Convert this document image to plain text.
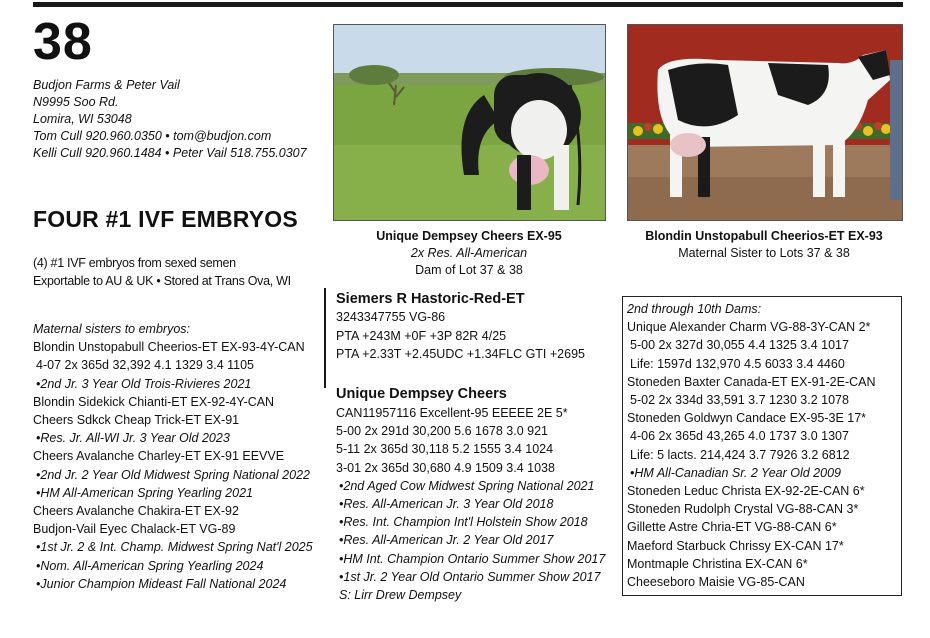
38
Budjon Farms & Peter Vail
N9995 Soo Rd.
Lomira, WI 53048
Tom Cull 920.960.0350 • tom@budjon.com
Kelli Cull 920.960.1484 • Peter Vail 518.755.0307
FOUR #1 IVF EMBRYOS
(4) #1 IVF embryos from sexed semen
Exportable to AU & UK • Stored at Trans Ova, WI
Maternal sisters to embryos:
Blondin Unstopabull Cheerios-ET EX-93-4Y-CAN
4-07 2x 365d 32,392 4.1 1329 3.4 1105
•2nd Jr. 3 Year Old Trois-Rivieres 2021
Blondin Sidekick Chianti-ET EX-92-4Y-CAN
Cheers Sdkck Cheap Trick-ET EX-91
•Res. Jr. All-WI Jr. 3 Year Old 2023
Cheers Avalanche Charley-ET EX-91 EEVVE
•2nd Jr. 2 Year Old Midwest Spring National 2022
•HM All-American Spring Yearling 2021
Cheers Avalanche Chakira-ET EX-92
Budjon-Vail Eyec Chalack-ET VG-89
•1st Jr. 2 & Int. Champ. Midwest Spring Nat'l 2025
•Nom. All-American Spring Yearling 2024
•Junior Champion Mideast Fall National 2024
Unique Dempsey Cheers EX-95
2x Res. All-American
Dam of Lot 37 & 38
Blondin Unstopabull Cheerios-ET EX-93
Maternal Sister to Lots 37 & 38
Siemers R Hastoric-Red-ET
3243347755 VG-86
PTA +243M +0F +3P 82R 4/25
PTA +2.33T +2.45UDC +1.34FLC GTI +2695
Unique Dempsey Cheers
CAN11957116 Excellent-95 EEEEE 2E 5*
5-00 2x 291d 30,200 5.6 1678 3.0 921
5-11 2x 365d 30,118 5.2 1555 3.4 1024
3-01 2x 365d 30,680 4.9 1509 3.4 1038
•2nd Aged Cow Midwest Spring National 2021
•Res. All-American Jr. 3 Year Old 2018
•Res. Int. Champion Int'l Holstein Show 2018
•Res. All-American Jr. 2 Year Old 2017
•HM Int. Champion Ontario Summer Show 2017
•1st Jr. 2 Year Old Ontario Summer Show 2017
S: Lirr Drew Dempsey
2nd through 10th Dams:
Unique Alexander Charm VG-88-3Y-CAN 2*
5-00 2x 327d 30,055 4.4 1325 3.4 1017
Life: 1597d 132,970 4.5 6033 3.4 4460
Stoneden Baxter Canada-ET EX-91-2E-CAN
5-02 2x 334d 33,591 3.7 1230 3.2 1078
Stoneden Goldwyn Candace EX-95-3E 17*
4-06 2x 365d 43,265 4.0 1737 3.0 1307
Life: 5 lacts. 214,424 3.7 7926 3.2 6812
•HM All-Canadian Sr. 2 Year Old 2009
Stoneden Leduc Christa EX-92-2E-CAN 6*
Stoneden Rudolph Crystal VG-88-CAN 3*
Gillette Astre Chria-ET VG-88-CAN 6*
Maeford Starbuck Chrissy EX-CAN 17*
Montmaple Christina EX-CAN 6*
Cheeseboro Maisie VG-85-CAN
